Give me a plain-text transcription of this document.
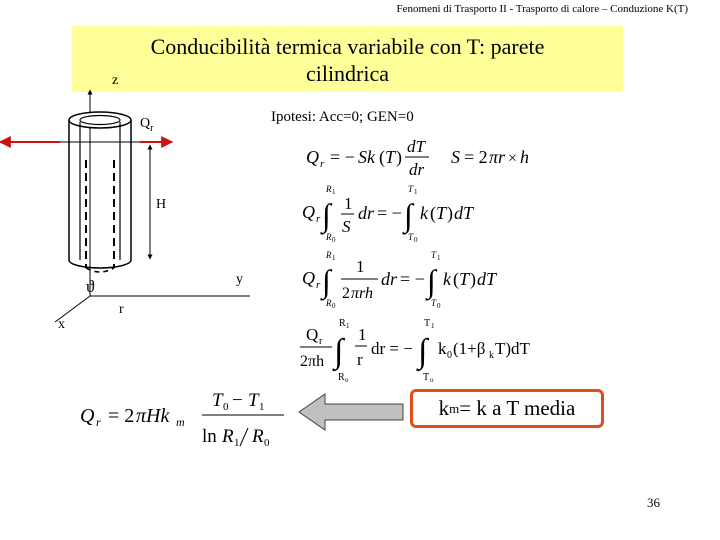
Fenomeni di Trasporto II - Trasporto di calore – Conduzione K(T)
Conducibilità termica variabile con T: parete
cilindrica
z
$Q_r$
H
y
ϑ
r
x
Ipotesi: Acc=0; GEN=0
Q r = − Sk ( T )
dT
dr
S = 2 πr × h
Q r ∫
R 1
R 0
1
S
dr = − ∫
T 1
T 0
k ( T ) dT
Q r ∫
R 1
R 0
1
2 πrh
dr = − ∫
T 1
T 0
k ( T ) dT
Q r
2πh ∫
R 1
R o
1
r
dr = − ∫
T 1
T o
k 0 (1+β k T)dT
Q r = 2 πHk m
T 0 − T 1
ln R 1 R 0
k m = k a T media
36
